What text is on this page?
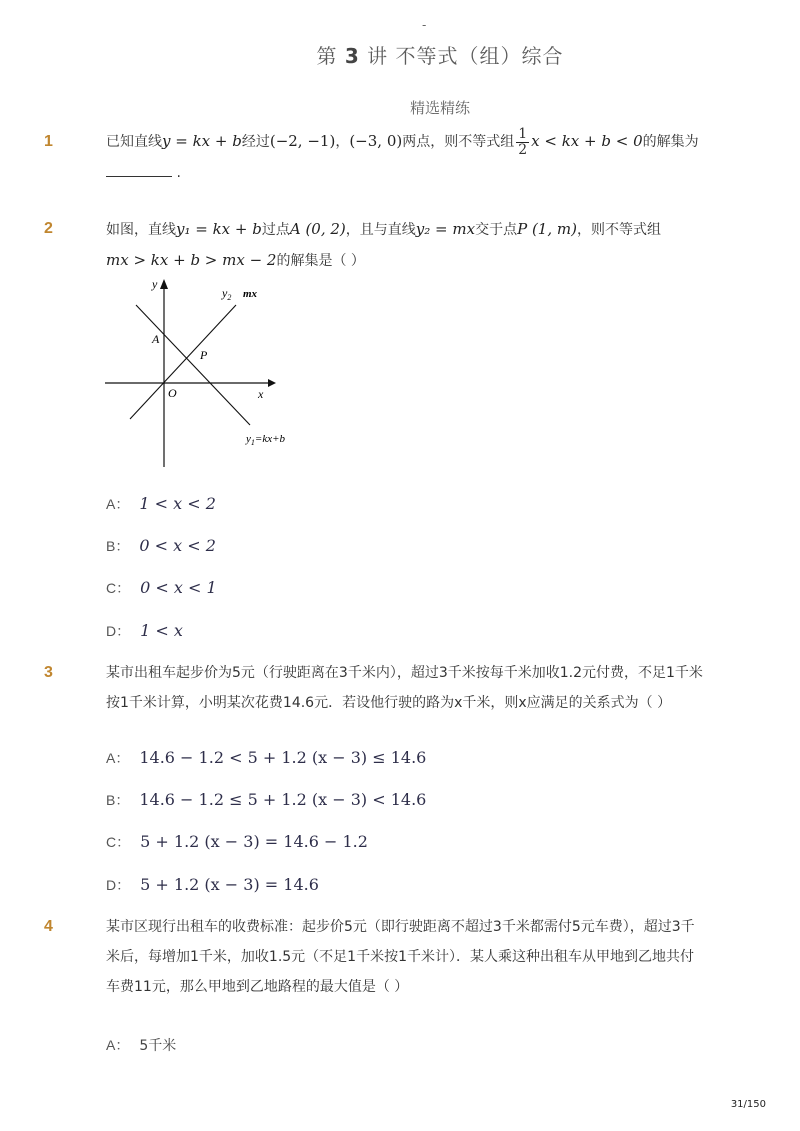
-
第 3 讲 不等式（组）综合
精选精练
1	已知直线y = kx + b经过(−2, −1)，(−3, 0)两点，则不等式组 $\frac{1}{2}$ x < kx + b < 0的解集为
.
2	如图，直线y₁ = kx + b过点A (0, 2)，且与直线y₂ = mx交于点P (1, m)，则不等式组
mx > kx + b > mx − 2的解集是（ ）
y
$y_2$ mx
A
P
O	x
$y_1=kx+b$
A： 1 < x < 2
B： 0 < x < 2
C： 0 < x < 1
D： 1 < x
3	某市出租车起步价为5元（行驶距离在3千米内），超过3千米按每千米加收1.2元付费，不足1千米
按1千米计算，小明某次花费14.6元．若设他行驶的路为x千米，则x应满足的关系式为（ ）
A： 14.6 − 1.2 < 5 + 1.2 (x − 3) ≤ 14.6
B： 14.6 − 1.2 ≤ 5 + 1.2 (x − 3) < 14.6
C： 5 + 1.2 (x − 3) = 14.6 − 1.2
D： 5 + 1.2 (x − 3) = 14.6
4	某市区现行出租车的收费标准：起步价5元（即行驶距离不超过3千米都需付5元车费），超过3千
米后，每增加1千米，加收1.5元（不足1千米按1千米计）．某人乘这种出租车从甲地到乙地共付
车费11元，那么甲地到乙地路程的最大值是（ ）
A： 5千米
31/150
